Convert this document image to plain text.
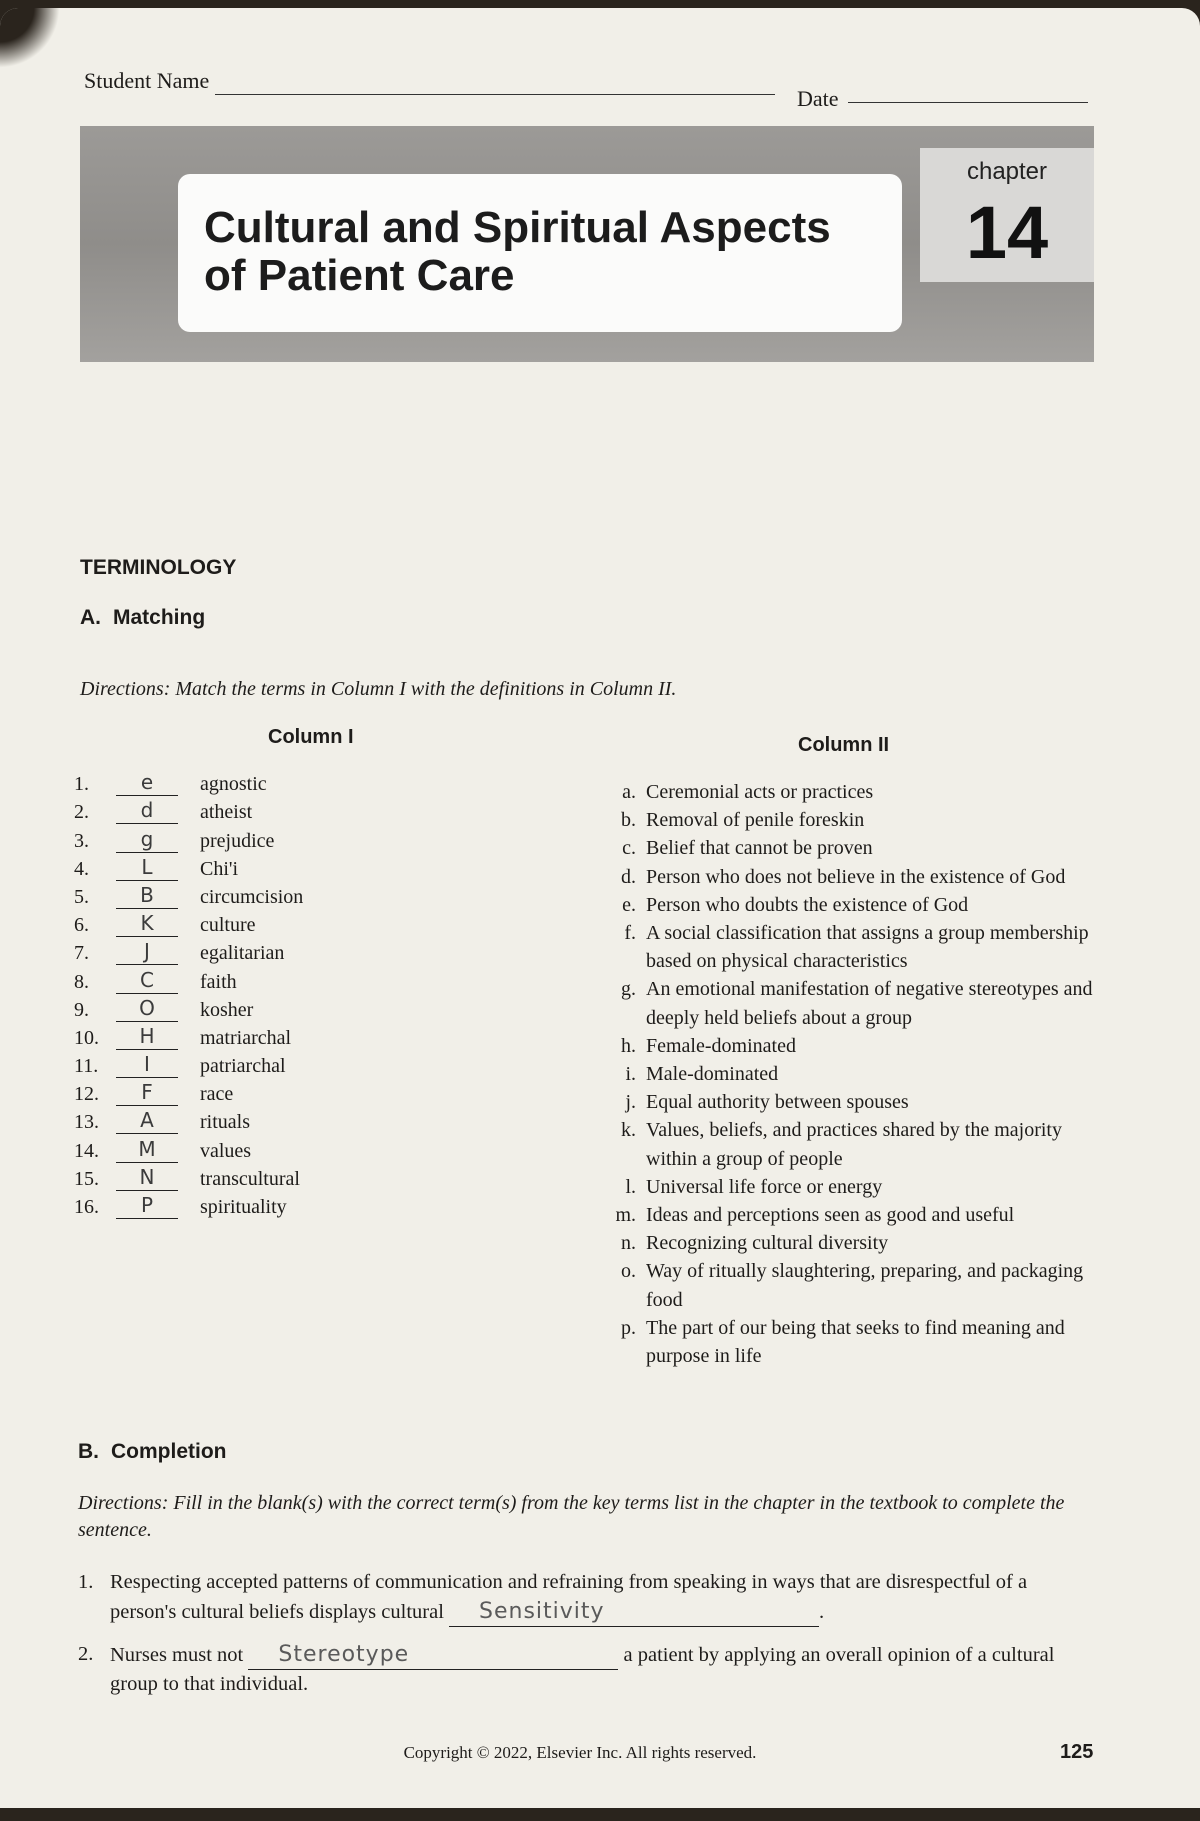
Student Name
Date
Cultural and Spiritual Aspects
of Patient Care
chapter
14
TERMINOLOGY
A. Matching
Directions: Match the terms in Column I with the definitions in Column II.
Column I	Column II
1.	e	agnostic
2.	d	atheist
3.	g	prejudice
4.	L	Chi'i
5.	B	circumcision
6.	K	culture
7.	J	egalitarian
8.	C	faith
9.	O	kosher
10.	H	matriarchal
11.	I	patriarchal
12.	F	race
13.	A	rituals
14.	M	values
15.	N	transcultural
16.	P	spirituality
a. Ceremonial acts or practices
b. Removal of penile foreskin
c. Belief that cannot be proven
d. Person who does not believe in the existence of God
e. Person who doubts the existence of God
f. A social classification that assigns a group membership based on physical characteristics
g. An emotional manifestation of negative stereotypes and deeply held beliefs about a group
h. Female-dominated
i. Male-dominated
j. Equal authority between spouses
k. Values, beliefs, and practices shared by the majority within a group of people
l. Universal life force or energy
m. Ideas and perceptions seen as good and useful
n. Recognizing cultural diversity
o. Way of ritually slaughtering, preparing, and packaging food
p. The part of our being that seeks to find meaning and purpose in life
B. Completion
Directions: Fill in the blank(s) with the correct term(s) from the key terms list in the chapter in the textbook to complete the sentence.
1. Respecting accepted patterns of communication and refraining from speaking in ways that are disrespectful of a person's cultural beliefs displays cultural Sensitivity	.
2. Nurses must not Stereotype	a patient by applying an overall opinion of a cultural group to that individual.
Copyright © 2022, Elsevier Inc. All rights reserved.	125
